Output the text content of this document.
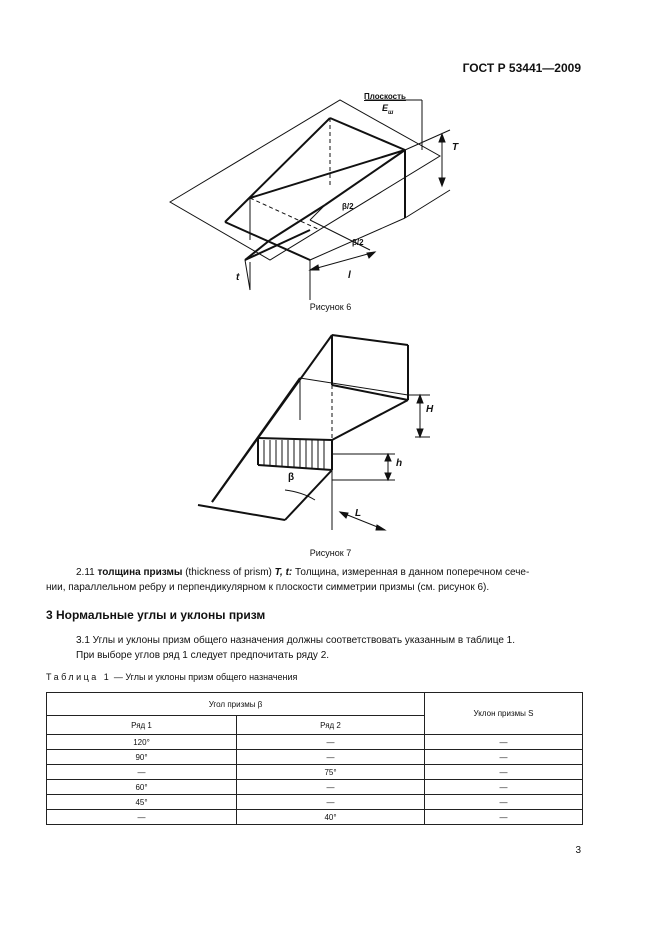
ГОСТ Р 53441—2009
Плоскость
$E_ш$
T
t	l
β/2
β/2
Рисунок 6
H
h
β
L
Рисунок 7
2.11 толщина призмы (thickness of prism) T, t: Толщина, измеренная в данном поперечном сече-
нии, параллельном ребру и перпендикулярном к плоскости симметрии призмы (см. рисунок 6).
3 Нормальные углы и уклоны призм
3.1 Углы и уклоны призм общего назначения должны соответствовать указанным в таблице 1.
При выборе углов ряд 1 следует предпочитать ряду 2.
Таблица 1 — Углы и уклоны призм общего назначения
Угол призмы β		Уклон призмы S
Ряд 1	Ряд 2	
120°	—	—
90°	—	—
—	75°	—
60°	—	—
45°	—	—
—	40°	—
3
